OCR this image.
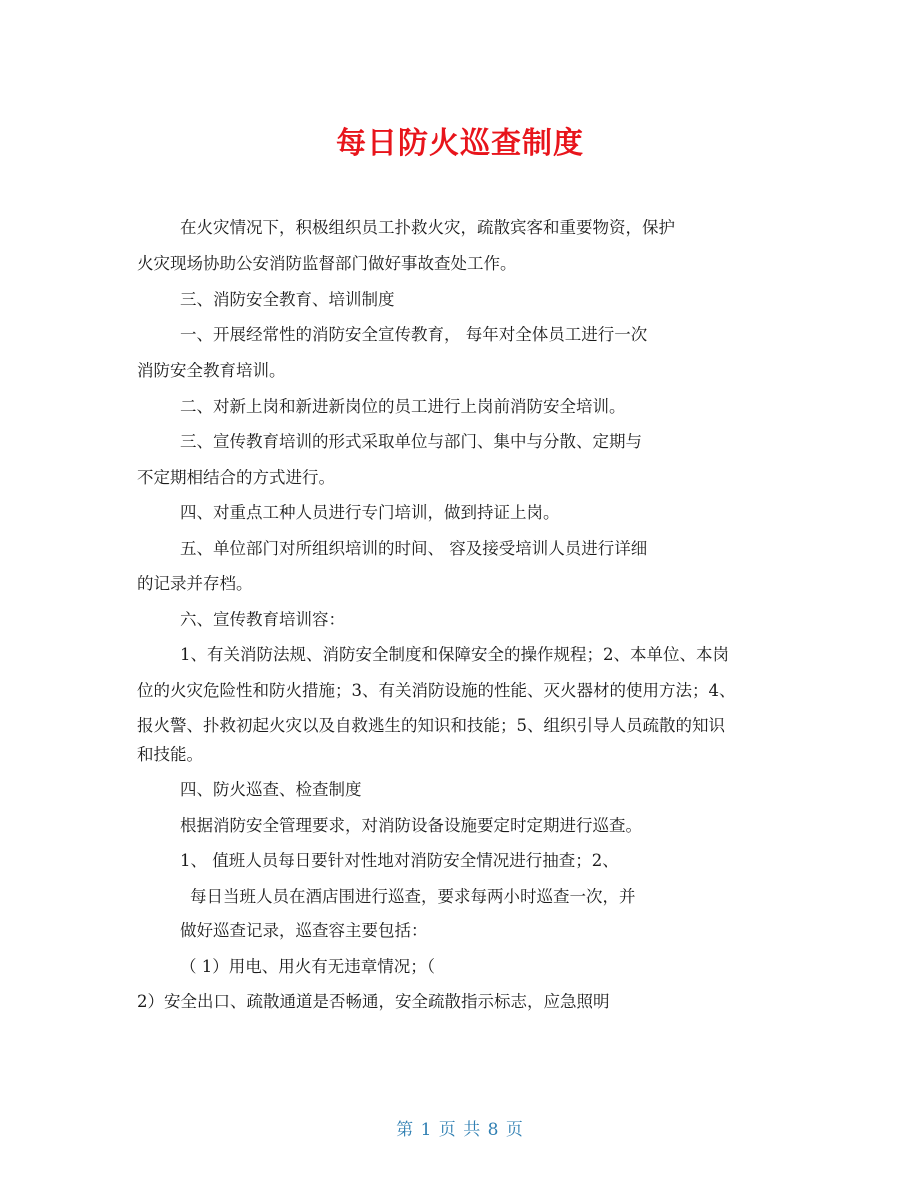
每日防火巡查制度
在火灾情况下，积极组织员工扑救火灾，疏散宾客和重要物资，保护
火灾现场协助公安消防监督部门做好事故查处工作。
三、消防安全教育、培训制度
一、开展经常性的消防安全宣传教育， 每年对全体员工进行一次
消防安全教育培训。
二、对新上岗和新进新岗位的员工进行上岗前消防安全培训。
三、宣传教育培训的形式采取单位与部门、集中与分散、定期与
不定期相结合的方式进行。
四、对重点工种人员进行专门培训，做到持证上岗。
五、单位部门对所组织培训的时间、 容及接受培训人员进行详细
的记录并存档。
六、宣传教育培训容：
1、有关消防法规、消防安全制度和保障安全的操作规程；2、本单位、本岗
位的火灾危险性和防火措施；3、有关消防设施的性能、灭火器材的使用方法；4、
报火警、扑救初起火灾以及自救逃生的知识和技能；5、组织引导人员疏散的知识
和技能。
四、防火巡查、检查制度
根据消防安全管理要求，对消防设备设施要定时定期进行巡查。
1、 值班人员每日要针对性地对消防安全情况进行抽查；2、
每日当班人员在酒店围进行巡查，要求每两小时巡查一次，并
做好巡查记录，巡查容主要包括：
（ 1）用电、用火有无违章情况；（
2）安全出口、疏散通道是否畅通，安全疏散指示标志，应急照明
第 1 页 共 8 页
